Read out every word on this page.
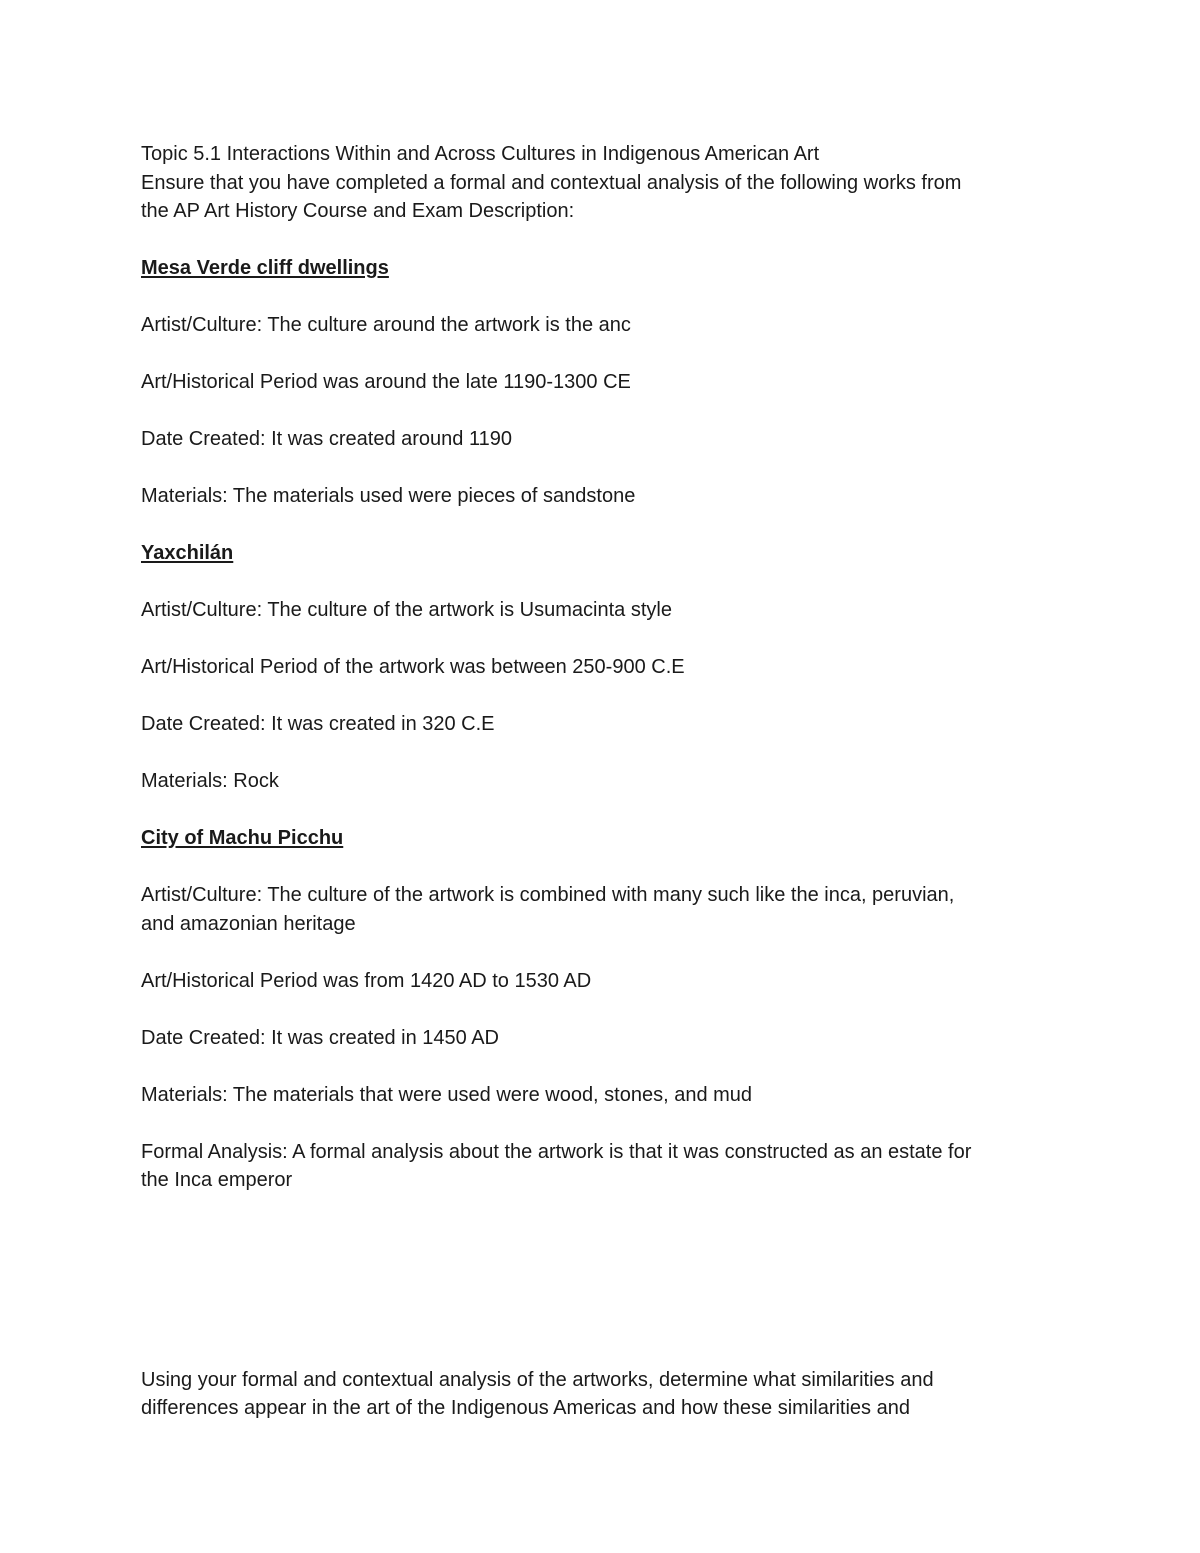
Topic 5.1 Interactions Within and Across Cultures in Indigenous American Art

Ensure that you have completed a formal and contextual analysis of the following works from

the AP Art History Course and Exam Description:

Mesa Verde cliff dwellings

Artist/Culture: The culture around the artwork is the anc

Art/Historical Period was around the late 1190-1300 CE

Date Created: It was created around 1190

Materials: The materials used were pieces of sandstone

Yaxchilán

Artist/Culture: The culture of the artwork is Usumacinta style

Art/Historical Period of the artwork was between 250-900 C.E

Date Created: It was created in 320 C.E

Materials: Rock

City of Machu Picchu

Artist/Culture: The culture of the artwork is combined with many such like the inca, peruvian,

and amazonian heritage

Art/Historical Period was from 1420 AD to 1530 AD

Date Created: It was created in 1450 AD

Materials: The materials that were used were wood, stones, and mud

Formal Analysis: A formal analysis about the artwork is that it was constructed as an estate for

the Inca emperor

Using your formal and contextual analysis of the artworks, determine what similarities and

differences appear in the art of the Indigenous Americas and how these similarities and
